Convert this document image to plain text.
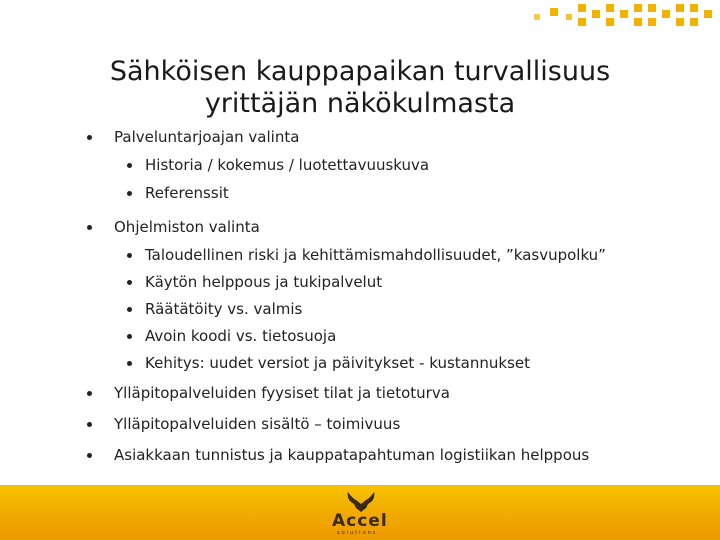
Sähköisen kauppapaikan turvallisuus
yrittäjän näkökulmasta
Palveluntarjoajan valinta
Historia / kokemus / luotettavuuskuva
Referenssit
Ohjelmiston valinta
Taloudellinen riski ja kehittämismahdollisuudet, ”kasvupolku”
Käytön helppous ja tukipalvelut
Räätätöity vs. valmis
Avoin koodi vs. tietosuoja
Kehitys: uudet versiot ja päivitykset - kustannukset
Ylläpitopalveluiden fyysiset tilat ja tietoturva
Ylläpitopalveluiden sisältö – toimivuus
Asiakkaan tunnistus ja kauppatapahtuman logistiikan helppous
Accel
solutions
